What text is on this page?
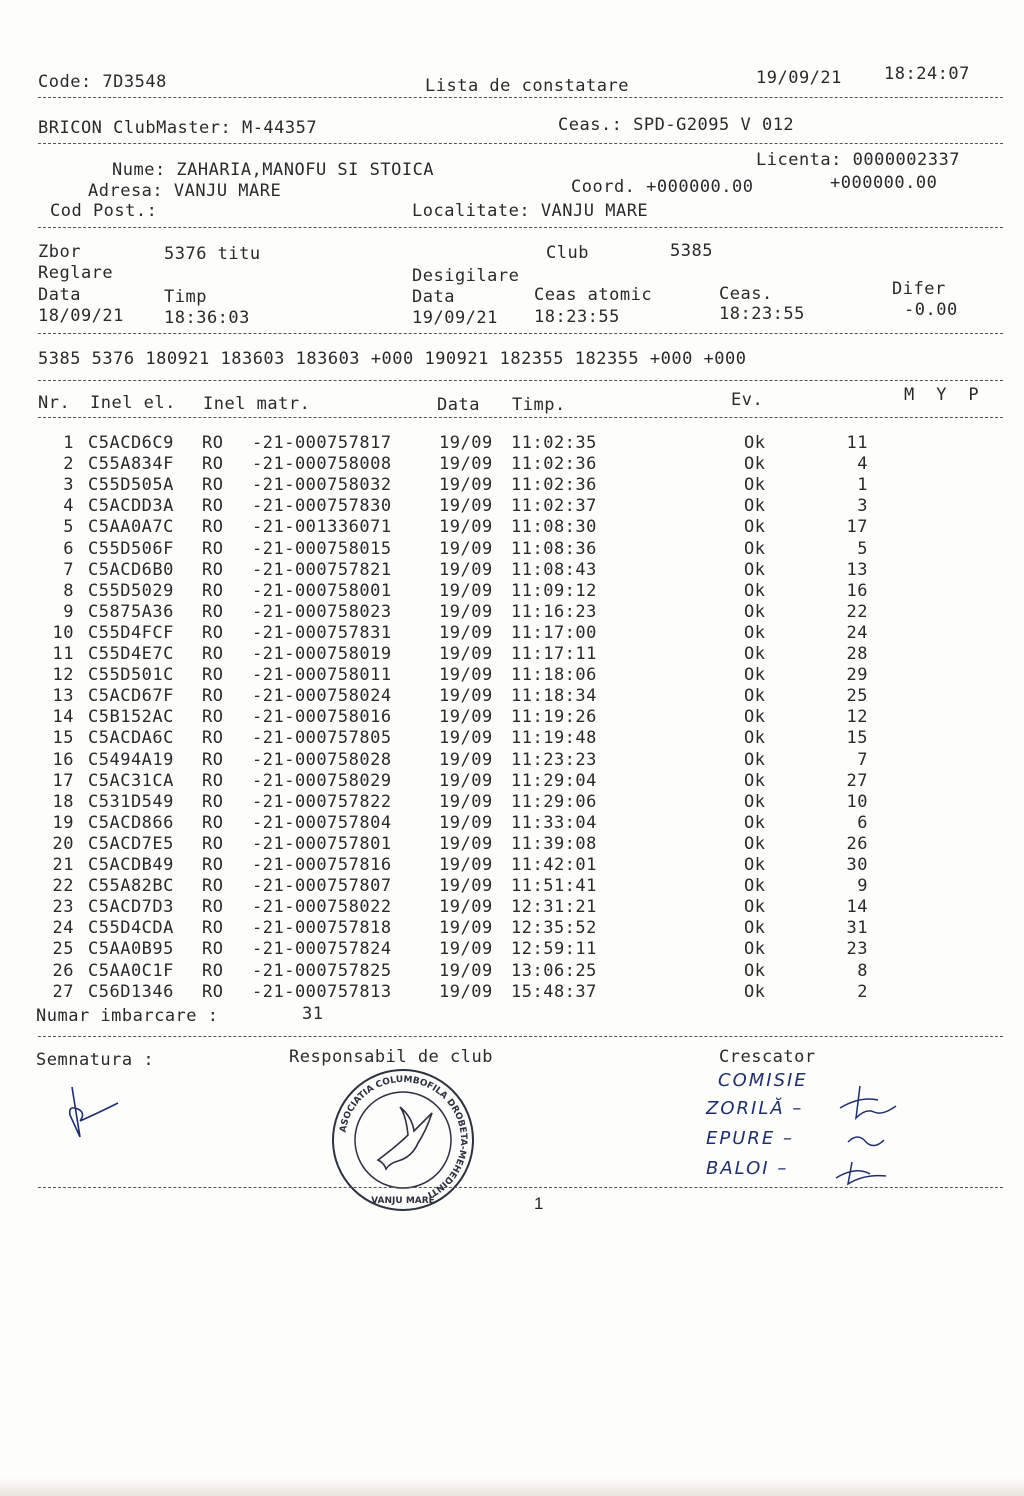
Code: 7D3548	Lista de constatare	19/09/21 18:24:07
BRICON ClubMaster: M-44357	Ceas.: SPD-G2095 V 012
Nume: ZAHARIA,MANOFU SI STOICA	Licenta: 0000002337
Adresa: VANJU MARE	Coord. +000000.00	+000000.00
Cod Post.:	Localitate: VANJU MARE
Zbor	5376 titu	Club	5385
Reglare	Desigilare
Data	Timp	Data	Ceas atomic	Ceas.	Difer
18/09/21 18:36:03	19/09/21 18:23:55	18:23:55	-0.00
5385 5376 180921 183603 183603 +000 190921 182355 182355 +000 +000
Nr. Inel el. Inel matr.	Data Timp.	Ev.	M  Y  P
1 C5ACD6C9 RO -21-000757817	19/09 11:02:35	Ok	11
2 C55A834F RO -21-000758008	19/09 11:02:36	Ok	4
3 C55D505A RO -21-000758032	19/09 11:02:36	Ok	1
4 C5ACDD3A RO -21-000757830	19/09 11:02:37	Ok	3
5 C5AA0A7C RO -21-001336071	19/09 11:08:30	Ok	17
6 C55D506F RO -21-000758015	19/09 11:08:36	Ok	5
7 C5ACD6B0 RO -21-000757821	19/09 11:08:43	Ok	13
8 C55D5029 RO -21-000758001	19/09 11:09:12	Ok	16
9 C5875A36 RO -21-000758023	19/09 11:16:23	Ok	22
10 C55D4FCF RO -21-000757831	19/09 11:17:00	Ok	24
11 C55D4E7C RO -21-000758019	19/09 11:17:11	Ok	28
12 C55D501C RO -21-000758011	19/09 11:18:06	Ok	29
13 C5ACD67F RO -21-000758024	19/09 11:18:34	Ok	25
14 C5B152AC RO -21-000758016	19/09 11:19:26	Ok	12
15 C5ACDA6C RO -21-000757805	19/09 11:19:48	Ok	15
16 C5494A19 RO -21-000758028	19/09 11:23:23	Ok	7
17 C5AC31CA RO -21-000758029	19/09 11:29:04	Ok	27
18 C531D549 RO -21-000757822	19/09 11:29:06	Ok	10
19 C5ACD866 RO -21-000757804	19/09 11:33:04	Ok	6
20 C5ACD7E5 RO -21-000757801	19/09 11:39:08	Ok	26
21 C5ACDB49 RO -21-000757816	19/09 11:42:01	Ok	30
22 C55A82BC RO -21-000757807	19/09 11:51:41	Ok	9
23 C5ACD7D3 RO -21-000758022	19/09 12:31:21	Ok	14
24 C55D4CDA RO -21-000757818	19/09 12:35:52	Ok	31
25 C5AA0B95 RO -21-000757824	19/09 12:59:11	Ok	23
26 C5AA0C1F RO -21-000757825	19/09 13:06:25	Ok	8
27 C56D1346 RO -21-000757813	19/09 15:48:37	Ok	2
Numar imbarcare :	31
Semnatura :	Responsabil de club	Crescator
ASOCIATIA COLUMBOFILA DROBETA-MEHEDINTI
VANJU MARE
COMISIE
ZORILĂ –
EPURE –
BALOI –
1
